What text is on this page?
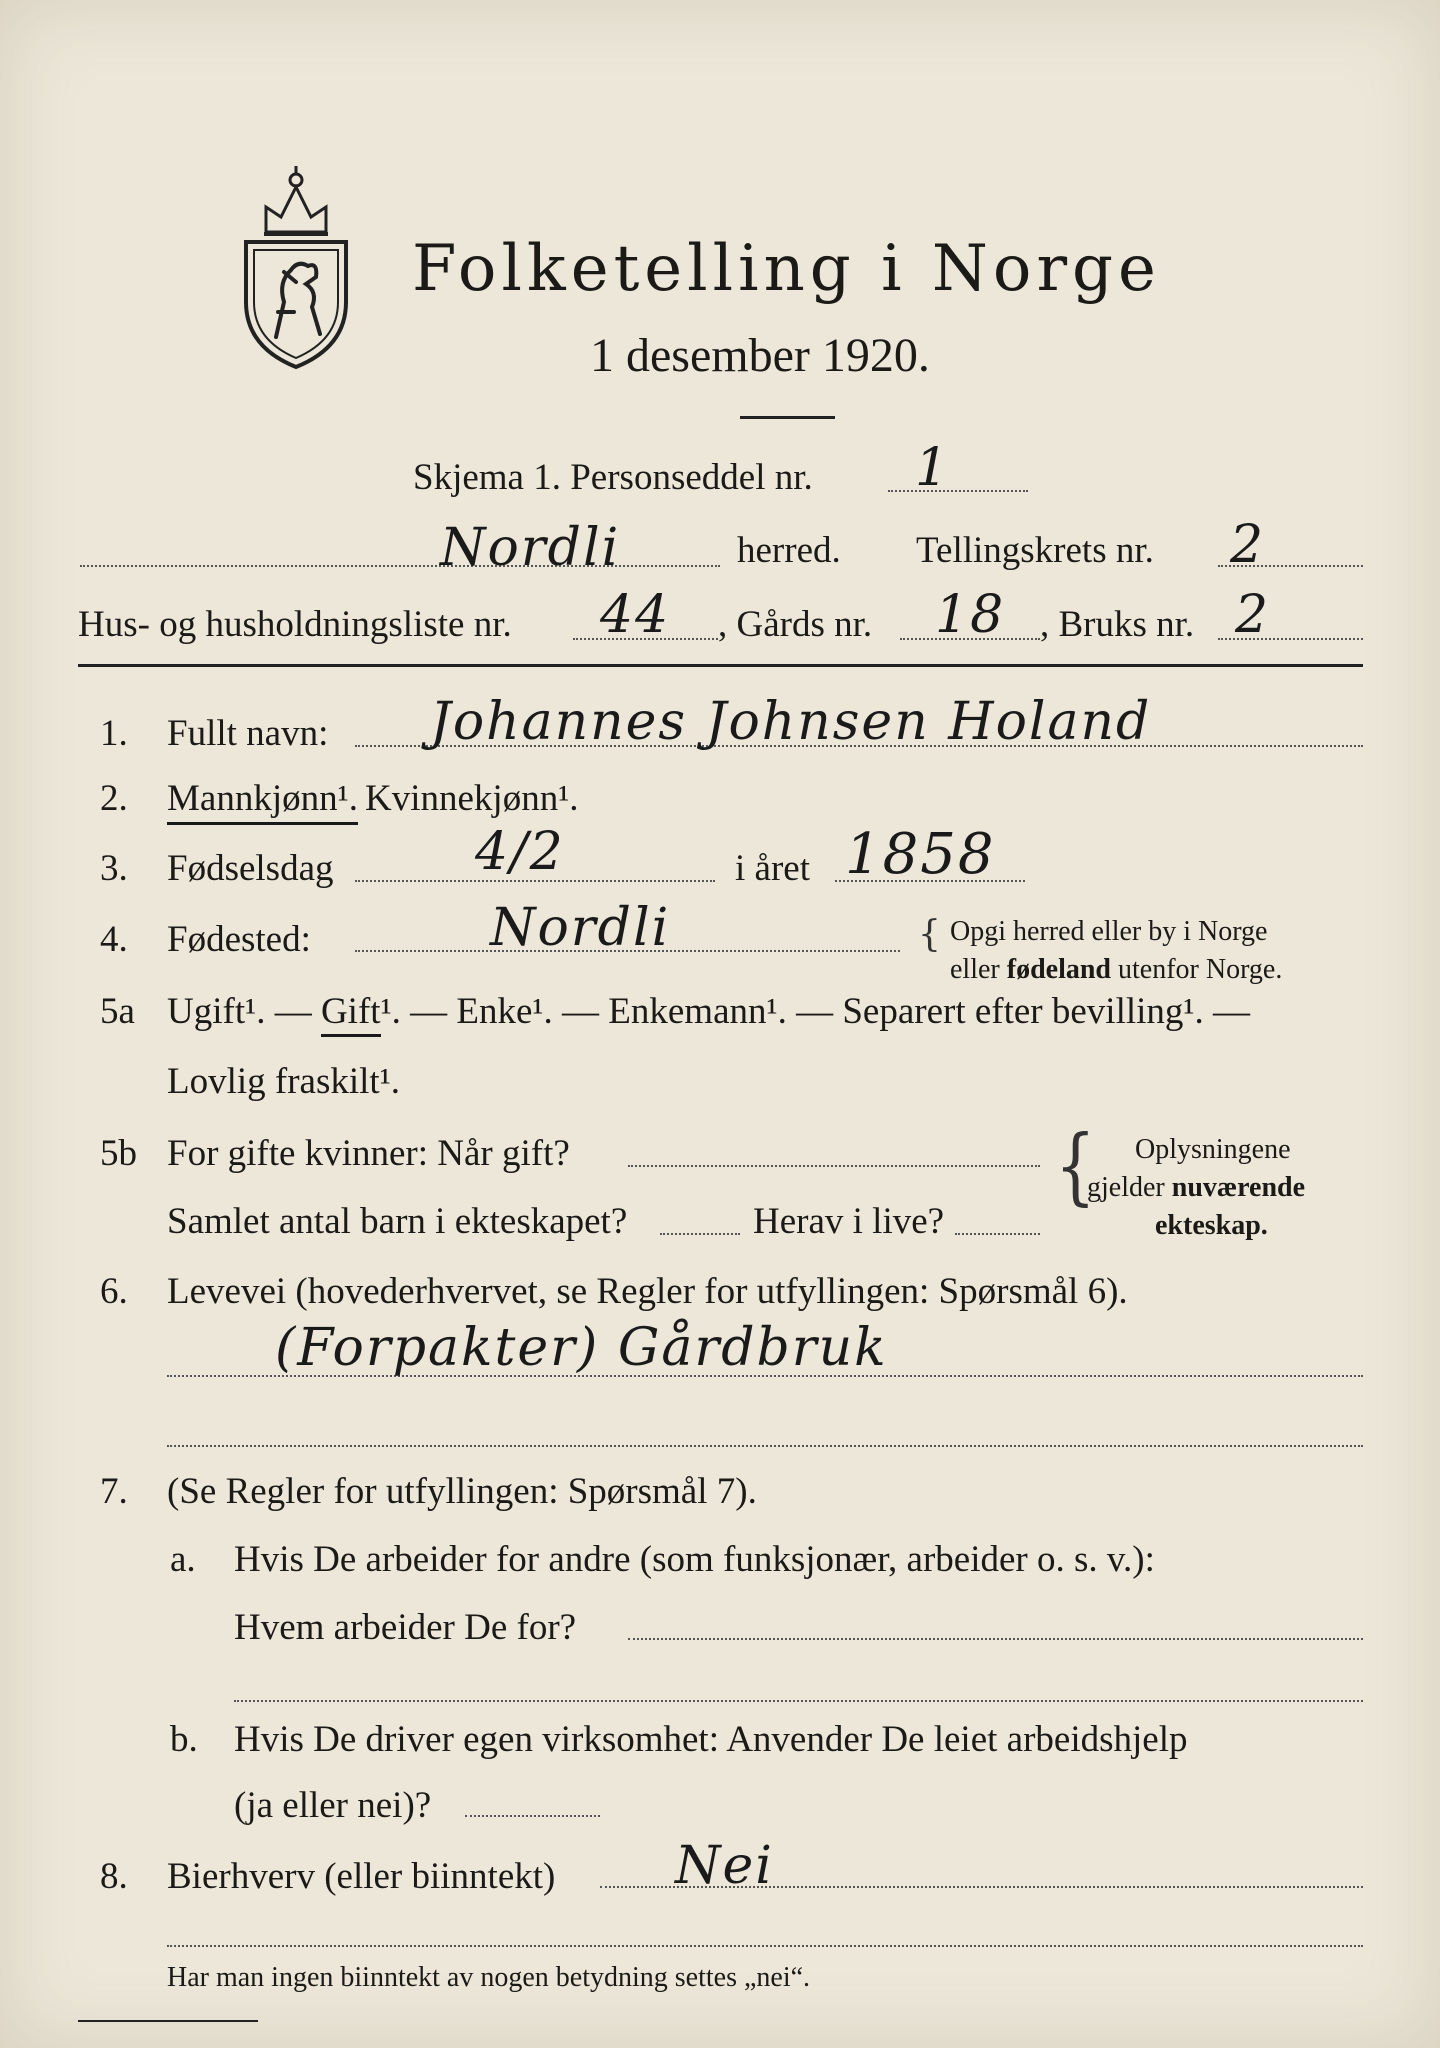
Folketelling i Norge
1 desember 1920.
Skjema 1. Personseddel nr. 1
Nordli	herred. Tellingskrets nr. 2
Hus- og husholdningsliste nr. 44 , Gårds nr. 18 , Bruks nr. 2
1. Fullt navn: Johannes Johnsen Holand
2. Mannkjønn¹. Kvinnekjønn¹.
3. Fødselsdag	4/2	i året 1858
4. Fødested:	Nordli	{ Opgi herred eller by i Norge
eller fødeland utenfor Norge.
5a Ugift¹. — Gift¹. — Enke¹. — Enkemann¹. — Separert efter bevilling¹. —
Lovlig fraskilt¹.
5b For gifte kvinner: Når gift?
Samlet antal barn i ekteskapet?	Herav i live?
{ Oplysningene
gjelder nuværende
ekteskap.
6. Levevei (hovederhvervet, se Regler for utfyllingen: Spørsmål 6).
(Forpakter) Gårdbruk
7. (Se Regler for utfyllingen: Spørsmål 7).
a. Hvis De arbeider for andre (som funksjonær, arbeider o. s. v.):
Hvem arbeider De for?
b. Hvis De driver egen virksomhet: Anvender De leiet arbeidshjelp
(ja eller nei)?
8. Bierhverv (eller biinntekt) Nei
Har man ingen biinntekt av nogen betydning settes „nei“.
